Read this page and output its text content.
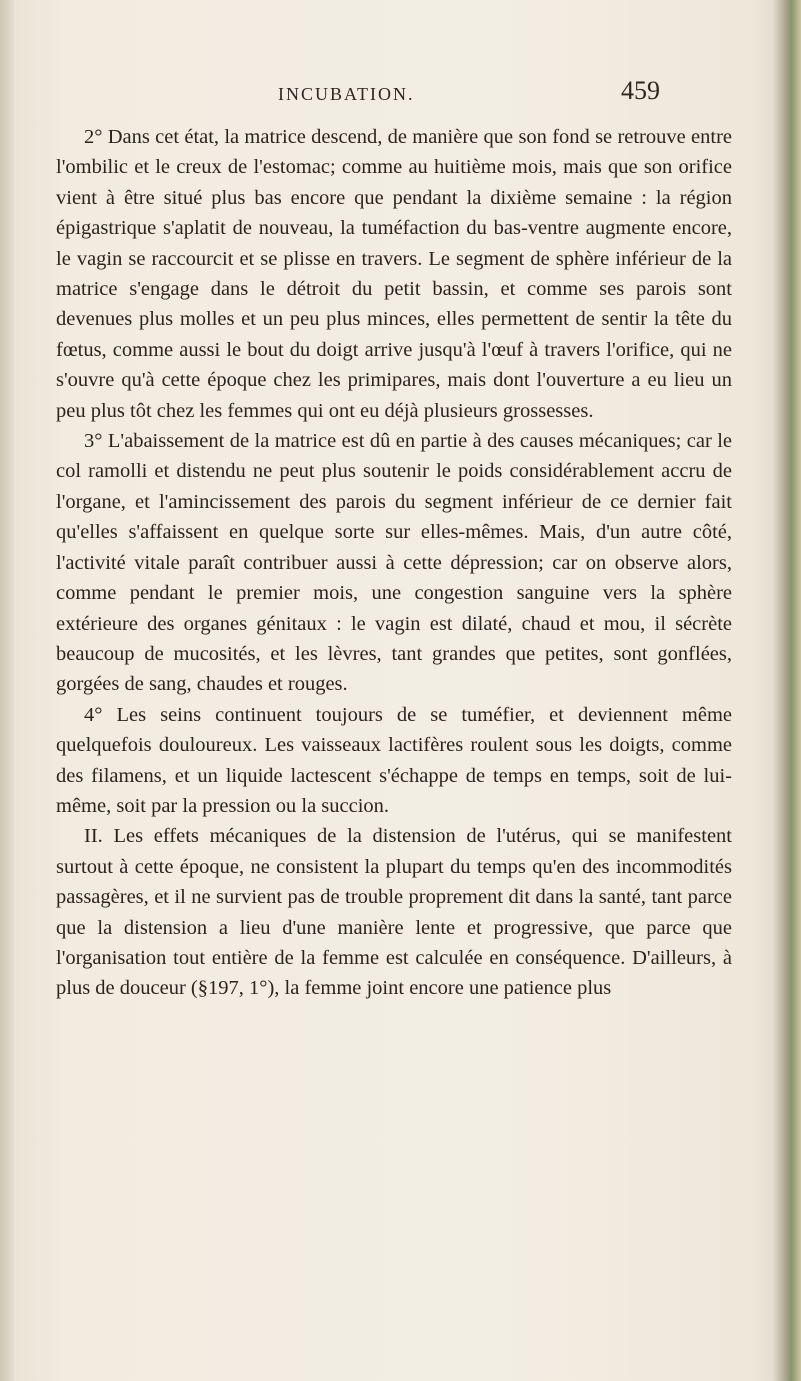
INCUBATION.	459

2° Dans cet état, la matrice descend, de manière que son fond se retrouve entre l'ombilic et le creux de l'estomac; comme au huitième mois, mais que son orifice vient à être situé plus bas encore que pendant la dixième semaine : la région épigastrique s'aplatit de nouveau, la tuméfaction du bas-ventre augmente encore, le vagin se raccourcit et se plisse en travers. Le segment de sphère inférieur de la matrice s'engage dans le détroit du petit bassin, et comme ses parois sont devenues plus molles et un peu plus minces, elles permettent de sentir la tête du fœtus, comme aussi le bout du doigt arrive jusqu'à l'œuf à travers l'orifice, qui ne s'ouvre qu'à cette époque chez les primipares, mais dont l'ouverture a eu lieu un peu plus tôt chez les femmes qui ont eu déjà plusieurs grossesses.

3° L'abaissement de la matrice est dû en partie à des causes mécaniques; car le col ramolli et distendu ne peut plus soutenir le poids considérablement accru de l'organe, et l'amincissement des parois du segment inférieur de ce dernier fait qu'elles s'affaissent en quelque sorte sur elles-mêmes. Mais, d'un autre côté, l'activité vitale paraît contribuer aussi à cette dépression; car on observe alors, comme pendant le premier mois, une congestion sanguine vers la sphère extérieure des organes génitaux : le vagin est dilaté, chaud et mou, il sécrète beaucoup de mucosités, et les lèvres, tant grandes que petites, sont gonflées, gorgées de sang, chaudes et rouges.

4° Les seins continuent toujours de se tuméfier, et deviennent même quelquefois douloureux. Les vaisseaux lactifères roulent sous les doigts, comme des filamens, et un liquide lactescent s'échappe de temps en temps, soit de lui-même, soit par la pression ou la succion.

II. Les effets mécaniques de la distension de l'utérus, qui se manifestent surtout à cette époque, ne consistent la plupart du temps qu'en des incommodités passagères, et il ne survient pas de trouble proprement dit dans la santé, tant parce que la distension a lieu d'une manière lente et progressive, que parce que l'organisation tout entière de la femme est calculée en conséquence. D'ailleurs, à plus de douceur (§197, 1°), la femme joint encore une patience plus
